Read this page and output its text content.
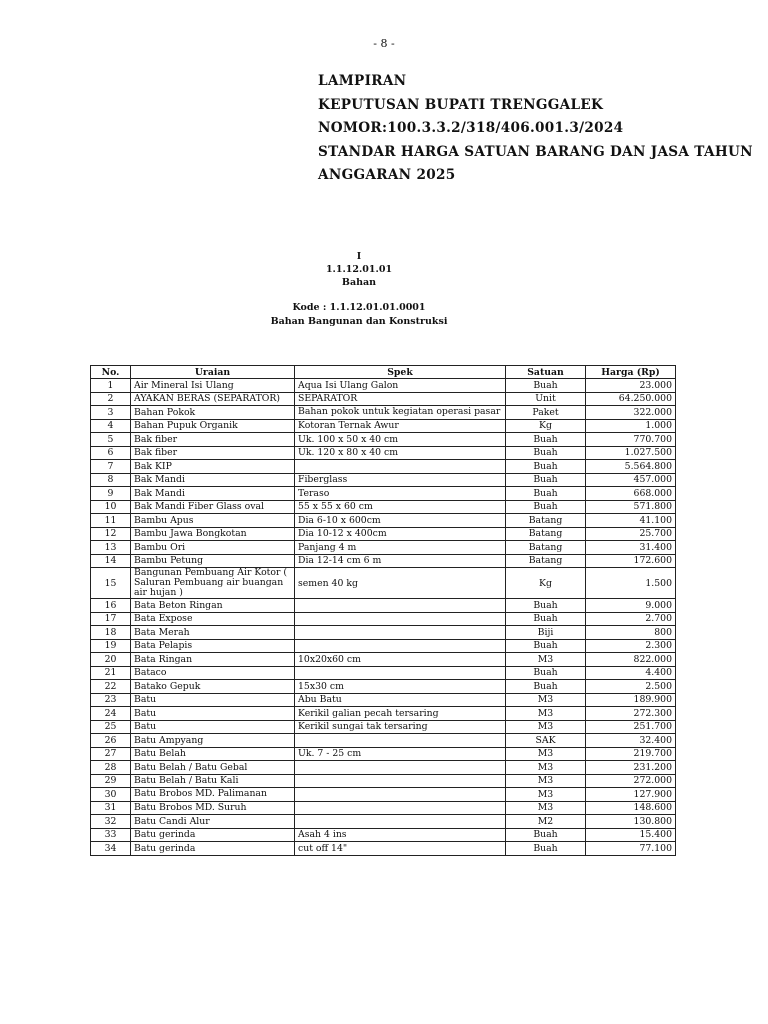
- 8 -
LAMPIRAN
KEPUTUSAN BUPATI TRENGGALEK
NOMOR:100.3.3.2/318/406.001.3/2024
STANDAR HARGA SATUAN BARANG DAN JASA TAHUN
ANGGARAN 2025
I
1.1.12.01.01
Bahan
Kode : 1.1.12.01.01.0001
Bahan Bangunan dan Konstruksi
No.	Uraian	Spek	Satuan	Harga (Rp)
1	Air Mineral Isi Ulang	Aqua Isi Ulang Galon	Buah	23.000
2	AYAKAN BERAS (SEPARATOR)	SEPARATOR	Unit	64.250.000
3	Bahan Pokok	Bahan pokok untuk kegiatan operasi pasar	Paket	322.000
4	Bahan Pupuk Organik	Kotoran Ternak Awur	Kg	1.000
5	Bak fiber	Uk. 100 x 50 x 40 cm	Buah	770.700
6	Bak fiber	Uk. 120 x 80 x 40 cm	Buah	1.027.500
7	Bak KIP		Buah	5.564.800
8	Bak Mandi	Fiberglass	Buah	457.000
9	Bak Mandi	Teraso	Buah	668.000
10	Bak Mandi Fiber Glass oval	55 x 55 x 60 cm	Buah	571.800
11	Bambu Apus	Dia 6-10 x 600cm	Batang	41.100
12	Bambu Jawa Bongkotan	Dia 10-12 x 400cm	Batang	25.700
13	Bambu Ori	Panjang 4 m	Batang	31.400
14	Bambu Petung	Dia 12-14 cm 6 m	Batang	172.600
15	Bangunan Pembuang Air Kotor ( Saluran Pembuang air buangan air hujan )	semen 40 kg	Kg	1.500
16	Bata Beton Ringan		Buah	9.000
17	Bata Expose		Buah	2.700
18	Bata Merah		Biji	800
19	Bata Pelapis		Buah	2.300
20	Bata Ringan	10x20x60 cm	M3	822.000
21	Bataco		Buah	4.400
22	Batako Gepuk	15x30 cm	Buah	2.500
23	Batu	Abu Batu	M3	189.900
24	Batu	Kerikil galian pecah tersaring	M3	272.300
25	Batu	Kerikil sungai tak tersaring	M3	251.700
26	Batu Ampyang		SAK	32.400
27	Batu Belah	Uk. 7 - 25 cm	M3	219.700
28	Batu Belah / Batu Gebal		M3	231.200
29	Batu Belah / Batu Kali		M3	272.000
30	Batu Brobos MD. Palimanan		M3	127.900
31	Batu Brobos MD. Suruh		M3	148.600
32	Batu Candi Alur		M2	130.800
33	Batu gerinda	Asah 4 ins	Buah	15.400
34	Batu gerinda	cut off 14"	Buah	77.100
